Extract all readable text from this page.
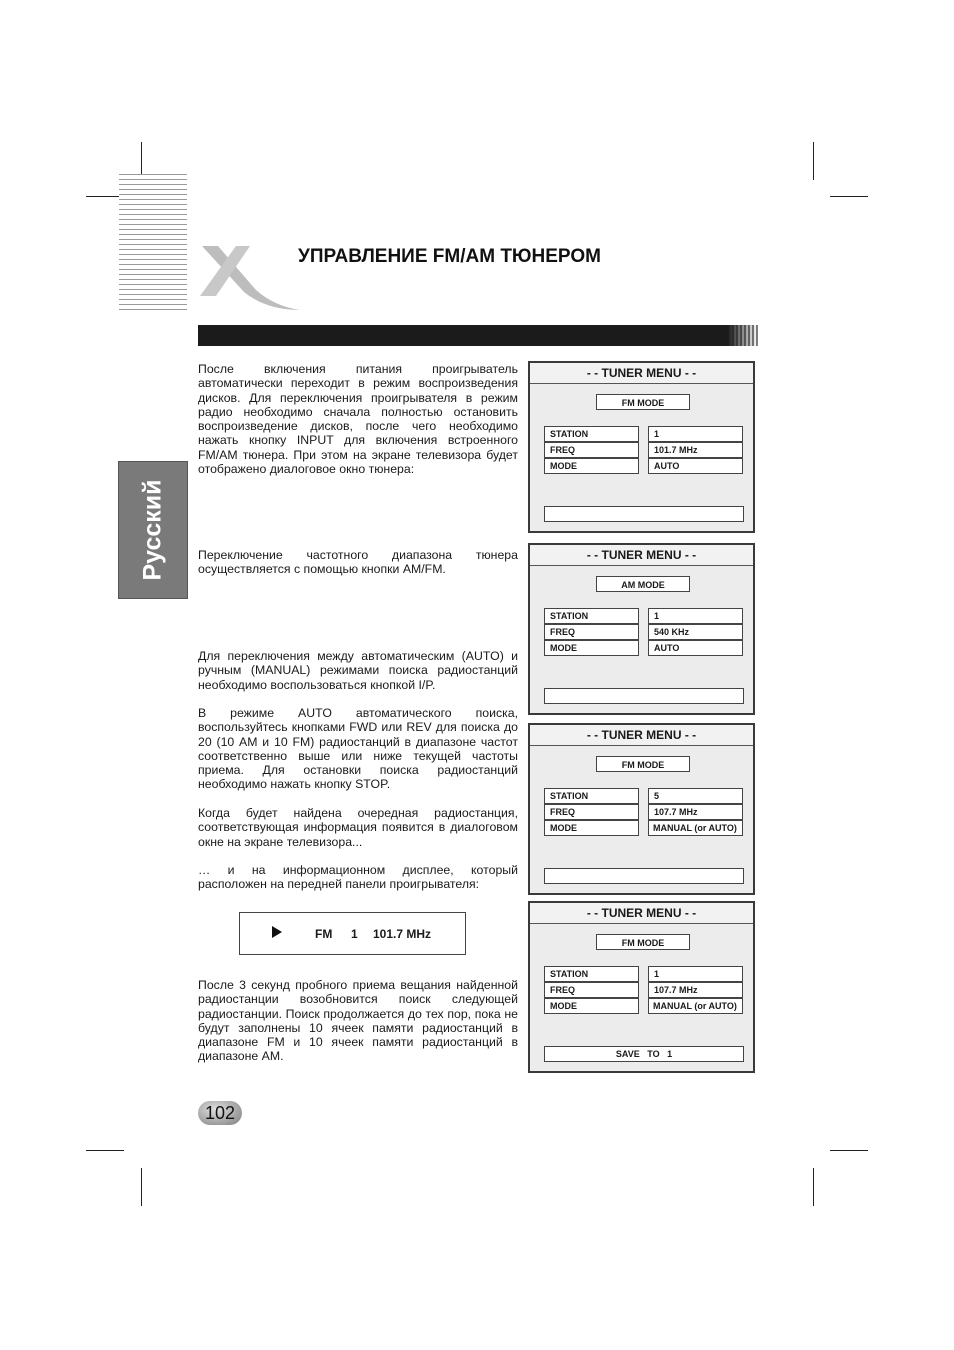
УПРАВЛЕНИЕ FM/AM ТЮНЕРОМ
Русский
После включения питания проигрыватель автоматически переходит в режим воспроизведения дисков. Для переключения проигрывателя в режим радио необходимо сначала полностью остановить воспроизведение дисков, после чего необходимо нажать кнопку INPUT для включения встроенного FM/AM тюнера. При этом на экране телевизора будет отображено диалоговое окно тюнера:
Переключение частотного диапазона тюнера осуществляется с помощью кнопки AM/FM.
Для переключения между автоматическим (AUTO) и ручным (MANUAL) режимами поиска радиостанций необходимо воспользоваться кнопкой I/P.
В режиме AUTO автоматического поиска, воспользуйтесь кнопками FWD или REV для поиска до 20 (10 AM и 10 FM) радиостанций в диапазоне частот соответственно выше или ниже текущей частоты приема. Для остановки поиска радиостанций необходимо нажать кнопку STOP.
Когда будет найдена очередная радиостанция, соответствующая информация появится в диалоговом окне на экране телевизора...
… и на информационном дисплее, который расположен на передней панели проигрывателя:
После 3 секунд пробного приема вещания найденной радиостанции возобновится поиск следующей радиостанции. Поиск продолжается до тех пор, пока не будут заполнены 10 ячеек памяти радиостанций в диапазоне FM и 10 ячеек памяти радиостанций в диапазоне AM.
FM 1 101.7 MHz
- - TUNER MENU - -
FM MODE
STATION	1
FREQ	101.7 MHz
MODE	AUTO
- - TUNER MENU - -
AM MODE
STATION	1
FREQ	540 KHz
MODE	AUTO
- - TUNER MENU - -
FM MODE
STATION	5
FREQ	107.7 MHz
MODE	MANUAL (or AUTO)
- - TUNER MENU - -
FM MODE
STATION	1
FREQ	107.7 MHz
MODE	MANUAL (or AUTO)
SAVE   TO   1
102
